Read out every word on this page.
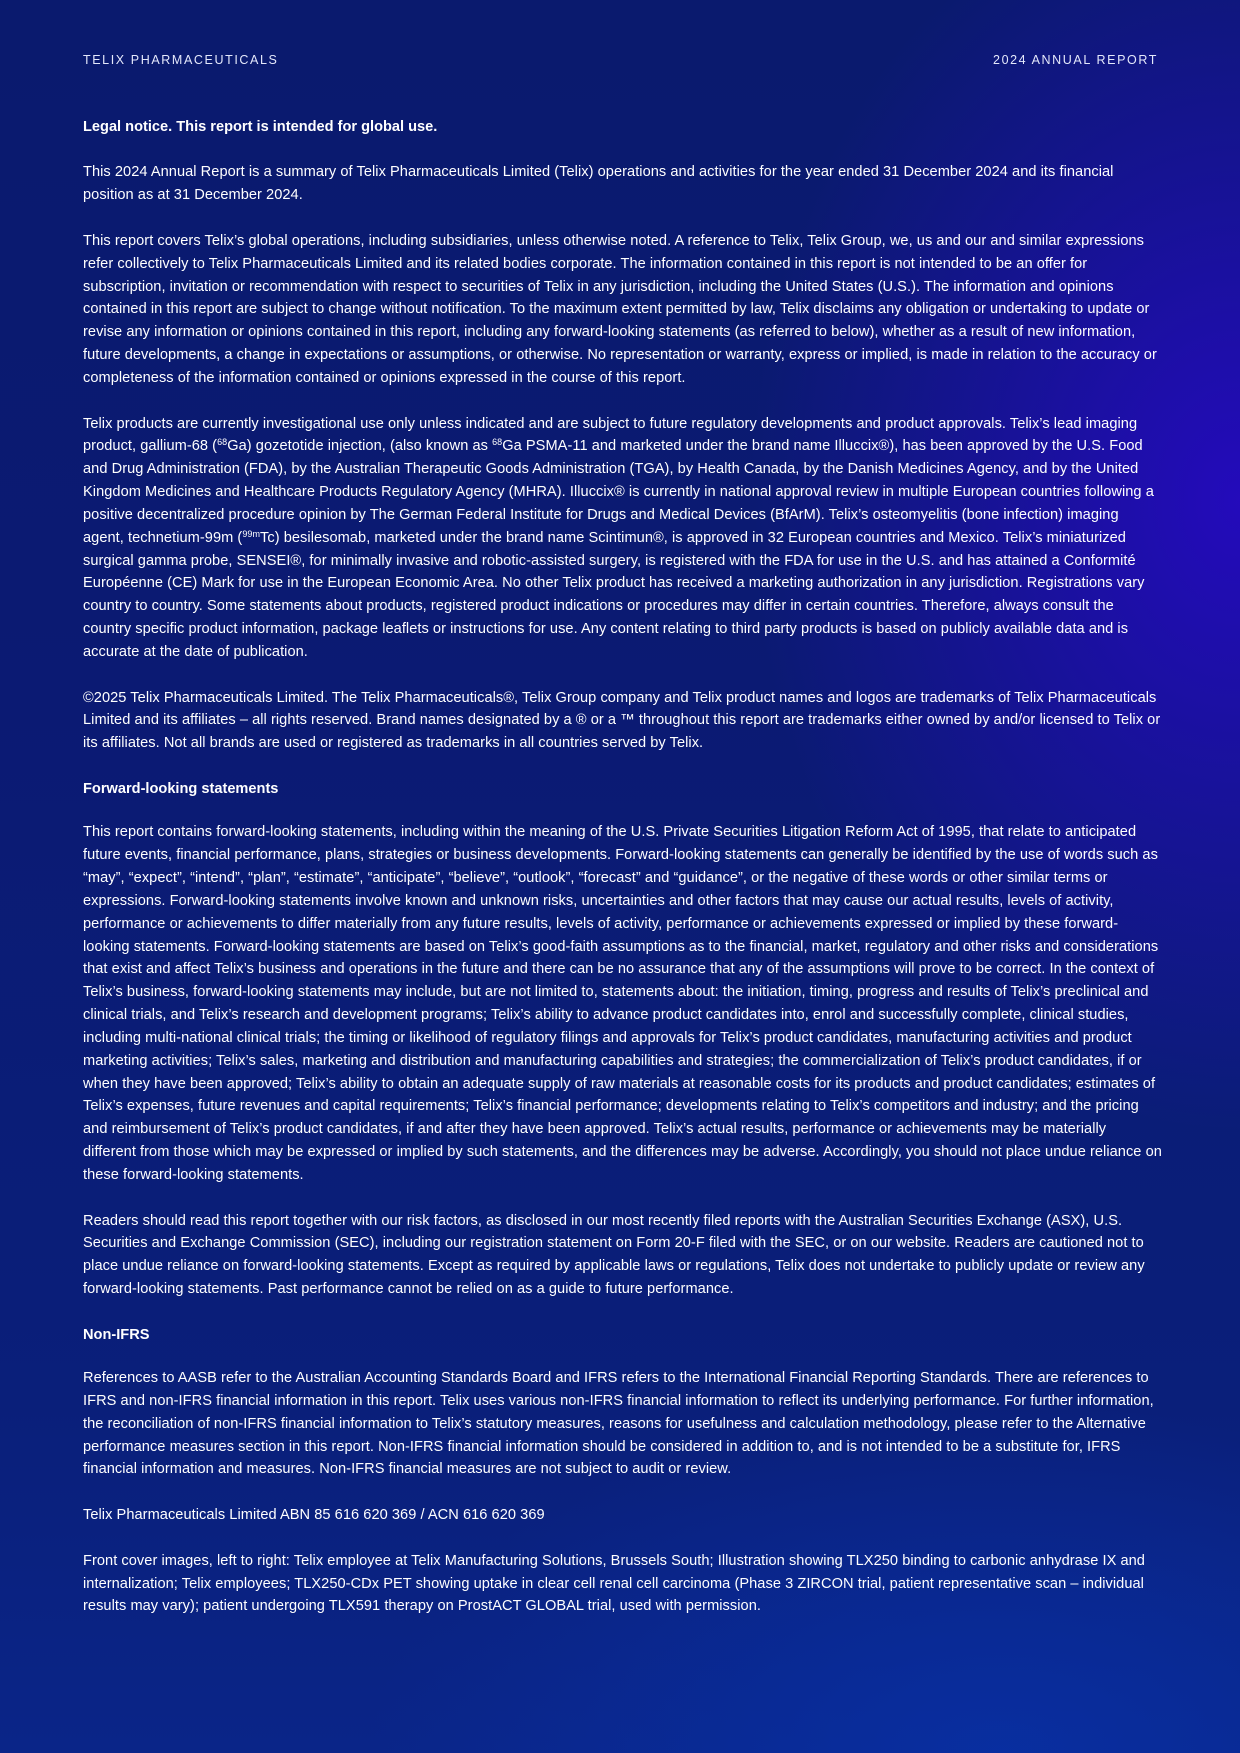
TELIX PHARMACEUTICALS	2024 ANNUAL REPORT
Legal notice. This report is intended for global use.

This 2024 Annual Report is a summary of Telix Pharmaceuticals Limited (Telix) operations and activities for the year ended 31 December 2024 and its financial position as at 31 December 2024.

This report covers Telix’s global operations, including subsidiaries, unless otherwise noted. A reference to Telix, Telix Group, we, us and our and similar expressions refer collectively to Telix Pharmaceuticals Limited and its related bodies corporate. The information contained in this report is not intended to be an offer for subscription, invitation or recommendation with respect to securities of Telix in any jurisdiction, including the United States (U.S.). The information and opinions contained in this report are subject to change without notification. To the maximum extent permitted by law, Telix disclaims any obligation or undertaking to update or revise any information or opinions contained in this report, including any forward-looking statements (as referred to below), whether as a result of new information, future developments, a change in expectations or assumptions, or otherwise. No representation or warranty, express or implied, is made in relation to the accuracy or completeness of the information contained or opinions expressed in the course of this report.

Telix products are currently investigational use only unless indicated and are subject to future regulatory developments and product approvals. Telix’s lead imaging product, gallium-68 ($^{68}$Ga) gozetotide injection, (also known as $^{68}$Ga PSMA-11 and marketed under the brand name Illuccix®), has been approved by the U.S. Food and Drug Administration (FDA), by the Australian Therapeutic Goods Administration (TGA), by Health Canada, by the Danish Medicines Agency, and by the United Kingdom Medicines and Healthcare Products Regulatory Agency (MHRA). Illuccix® is currently in national approval review in multiple European countries following a positive decentralized procedure opinion by The German Federal Institute for Drugs and Medical Devices (BfArM). Telix’s osteomyelitis (bone infection) imaging agent, technetium-99m ($^{99m}$Tc) besilesomab, marketed under the brand name Scintimun®, is approved in 32 European countries and Mexico. Telix’s miniaturized surgical gamma probe, SENSEI®, for minimally invasive and robotic-assisted surgery, is registered with the FDA for use in the U.S. and has attained a Conformité Européenne (CE) Mark for use in the European Economic Area. No other Telix product has received a marketing authorization in any jurisdiction. Registrations vary country to country. Some statements about products, registered product indications or procedures may differ in certain countries. Therefore, always consult the country specific product information, package leaflets or instructions for use. Any content relating to third party products is based on publicly available data and is accurate at the date of publication.

©2025 Telix Pharmaceuticals Limited. The Telix Pharmaceuticals®, Telix Group company and Telix product names and logos are trademarks of Telix Pharmaceuticals Limited and its affiliates – all rights reserved. Brand names designated by a ® or a ™ throughout this report are trademarks either owned by and/or licensed to Telix or its affiliates. Not all brands are used or registered as trademarks in all countries served by Telix.

Forward-looking statements

This report contains forward-looking statements, including within the meaning of the U.S. Private Securities Litigation Reform Act of 1995, that relate to anticipated future events, financial performance, plans, strategies or business developments. Forward-looking statements can generally be identified by the use of words such as “may”, “expect”, “intend”, “plan”, “estimate”, “anticipate”, “believe”, “outlook”, “forecast” and “guidance”, or the negative of these words or other similar terms or expressions. Forward-looking statements involve known and unknown risks, uncertainties and other factors that may cause our actual results, levels of activity, performance or achievements to differ materially from any future results, levels of activity, performance or achievements expressed or implied by these forward-looking statements. Forward-looking statements are based on Telix’s good-faith assumptions as to the financial, market, regulatory and other risks and considerations that exist and affect Telix’s business and operations in the future and there can be no assurance that any of the assumptions will prove to be correct. In the context of Telix’s business, forward-looking statements may include, but are not limited to, statements about: the initiation, timing, progress and results of Telix’s preclinical and clinical trials, and Telix’s research and development programs; Telix’s ability to advance product candidates into, enrol and successfully complete, clinical studies, including multi-national clinical trials; the timing or likelihood of regulatory filings and approvals for Telix’s product candidates, manufacturing activities and product marketing activities; Telix’s sales, marketing and distribution and manufacturing capabilities and strategies; the commercialization of Telix’s product candidates, if or when they have been approved; Telix’s ability to obtain an adequate supply of raw materials at reasonable costs for its products and product candidates; estimates of Telix’s expenses, future revenues and capital requirements; Telix’s financial performance; developments relating to Telix’s competitors and industry; and the pricing and reimbursement of Telix’s product candidates, if and after they have been approved. Telix’s actual results, performance or achievements may be materially different from those which may be expressed or implied by such statements, and the differences may be adverse. Accordingly, you should not place undue reliance on these forward-looking statements.

Readers should read this report together with our risk factors, as disclosed in our most recently filed reports with the Australian Securities Exchange (ASX), U.S. Securities and Exchange Commission (SEC), including our registration statement on Form 20-F filed with the SEC, or on our website. Readers are cautioned not to place undue reliance on forward-looking statements. Except as required by applicable laws or regulations, Telix does not undertake to publicly update or review any forward-looking statements. Past performance cannot be relied on as a guide to future performance.

Non-IFRS

References to AASB refer to the Australian Accounting Standards Board and IFRS refers to the International Financial Reporting Standards. There are references to IFRS and non-IFRS financial information in this report. Telix uses various non-IFRS financial information to reflect its underlying performance. For further information, the reconciliation of non-IFRS financial information to Telix’s statutory measures, reasons for usefulness and calculation methodology, please refer to the Alternative performance measures section in this report. Non-IFRS financial information should be considered in addition to, and is not intended to be a substitute for, IFRS financial information and measures. Non-IFRS financial measures are not subject to audit or review.

Telix Pharmaceuticals Limited ABN 85 616 620 369 / ACN 616 620 369

Front cover images, left to right: Telix employee at Telix Manufacturing Solutions, Brussels South; Illustration showing TLX250 binding to carbonic anhydrase IX and internalization; Telix employees; TLX250-CDx PET showing uptake in clear cell renal cell carcinoma (Phase 3 ZIRCON trial, patient representative scan – individual results may vary); patient undergoing TLX591 therapy on ProstACT GLOBAL trial, used with permission.
